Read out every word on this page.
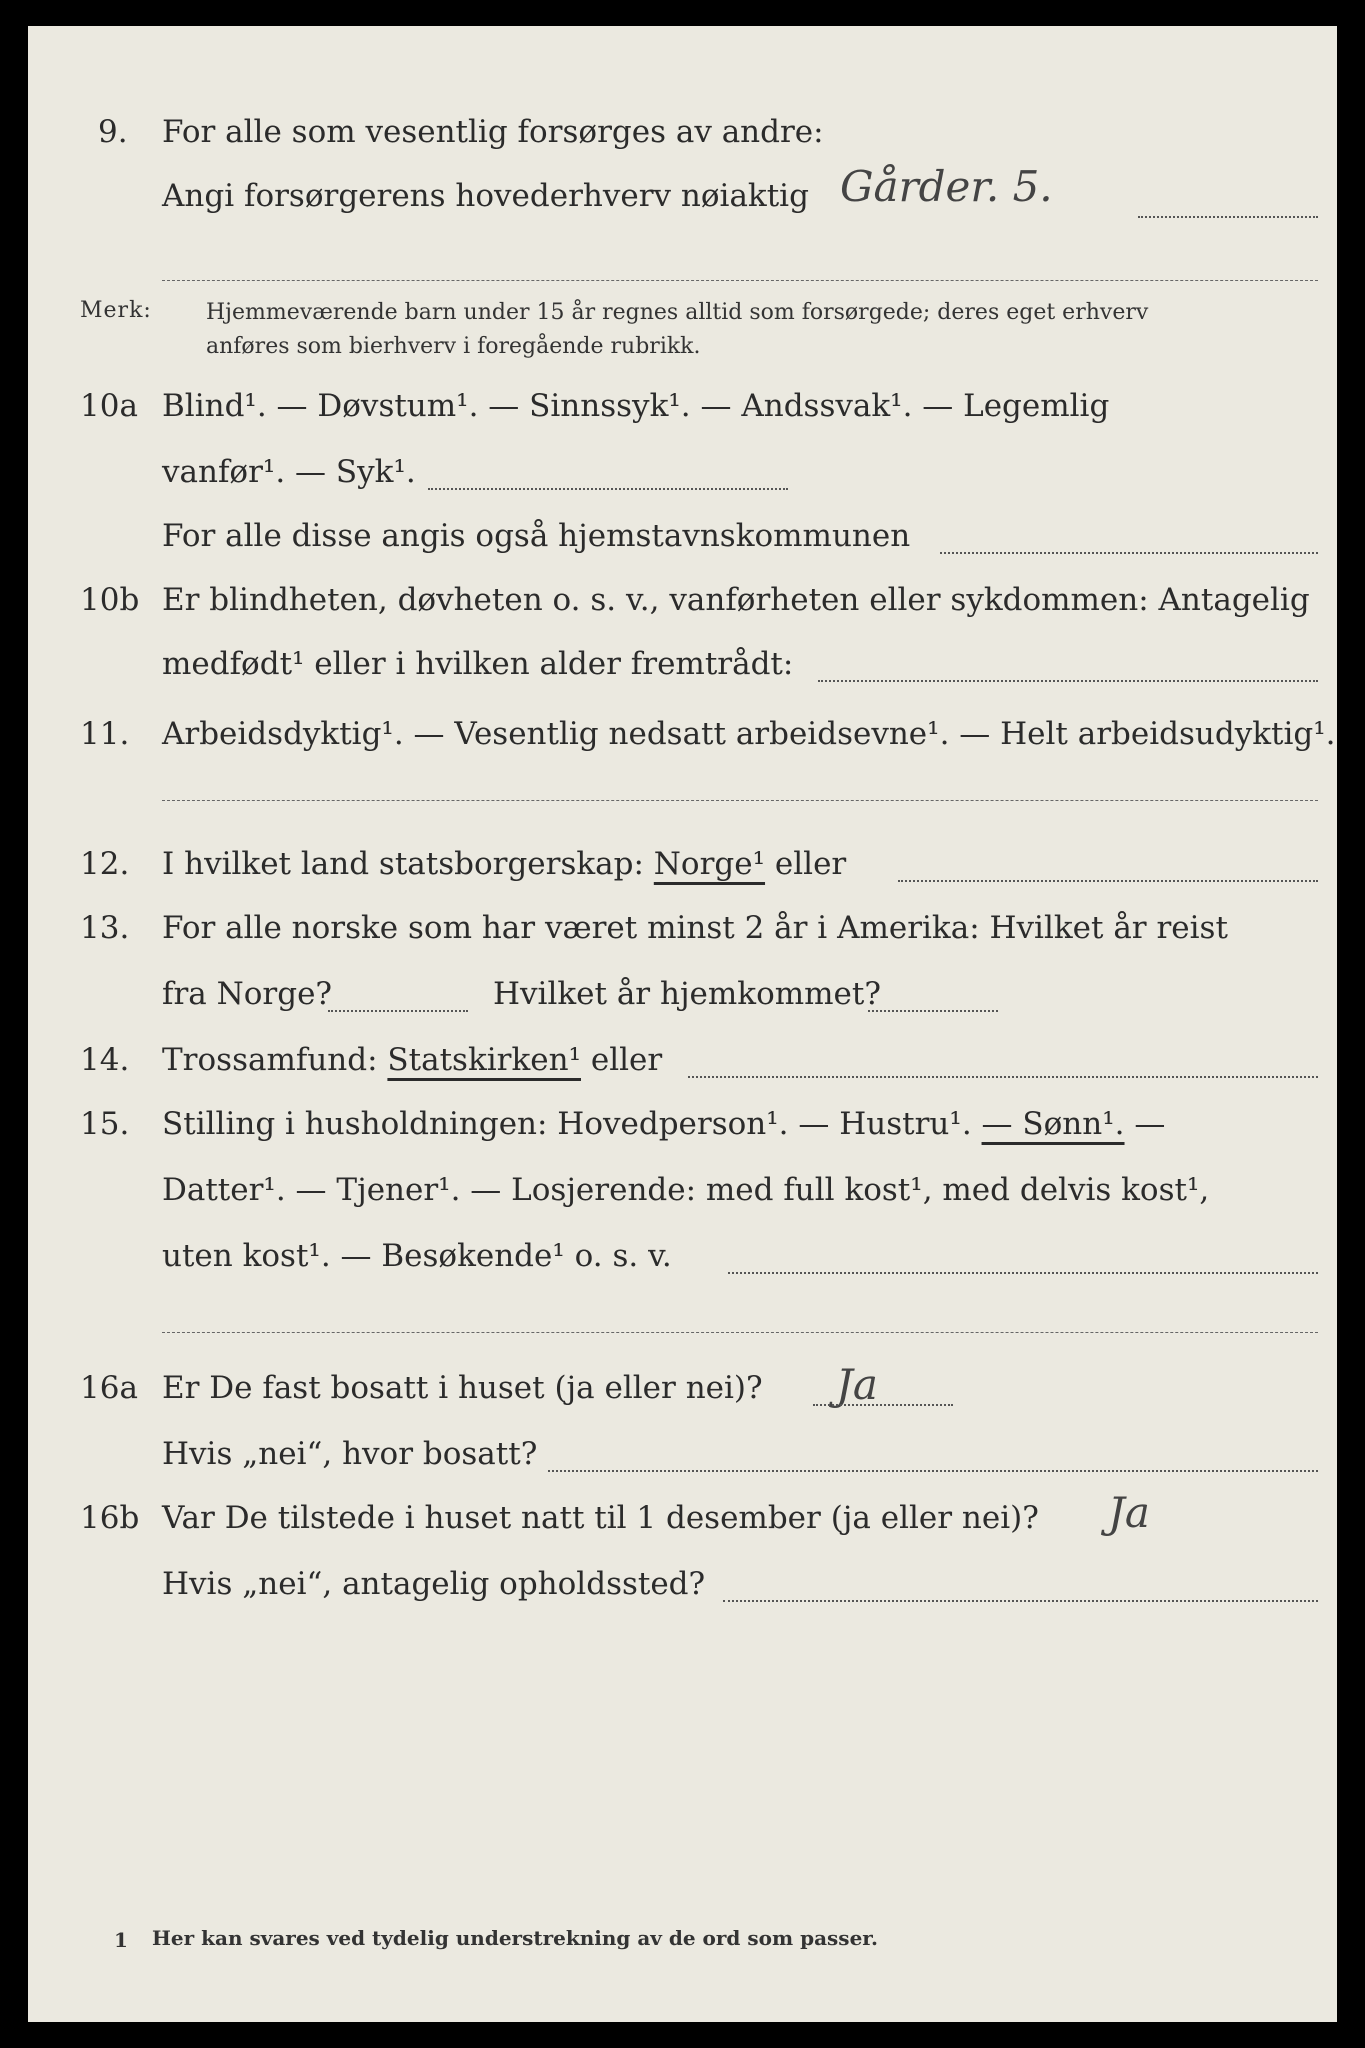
9. For alle som vesentlig forsørges av andre:
Angi forsørgerens hovederhverv nøiaktig Gårder. 5.
Merk: Hjemmeværende barn under 15 år regnes alltid som forsørgede; deres eget erhverv
anføres som bierhverv i foregående rubrikk.
10a Blind¹. — Døvstum¹. — Sinnssyk¹. — Andssvak¹. — Legemlig
vanfør¹. — Syk¹.
For alle disse angis også hjemstavnskommunen
10b Er blindheten, døvheten o. s. v., vanførheten eller sykdommen: Antagelig
medfødt¹ eller i hvilken alder fremtrådt:
11. Arbeidsdyktig¹. — Vesentlig nedsatt arbeidsevne¹. — Helt arbeidsudyktig¹.
12. I hvilket land statsborgerskap: Norge¹ eller
13. For alle norske som har været minst 2 år i Amerika: Hvilket år reist
fra Norge?	Hvilket år hjemkommet?
14. Trossamfund: Statskirken¹ eller
15. Stilling i husholdningen: Hovedperson¹. — Hustru¹. — Sønn¹. —
Datter¹. — Tjener¹. — Losjerende: med full kost¹, med delvis kost¹,
uten kost¹. — Besøkende¹ o. s. v.
16a Er De fast bosatt i huset (ja eller nei)? Ja
Hvis „nei“, hvor bosatt?
16b Var De tilstede i huset natt til 1 desember (ja eller nei)? Ja
Hvis „nei“, antagelig opholdssted?
1 Her kan svares ved tydelig understrekning av de ord som passer.
